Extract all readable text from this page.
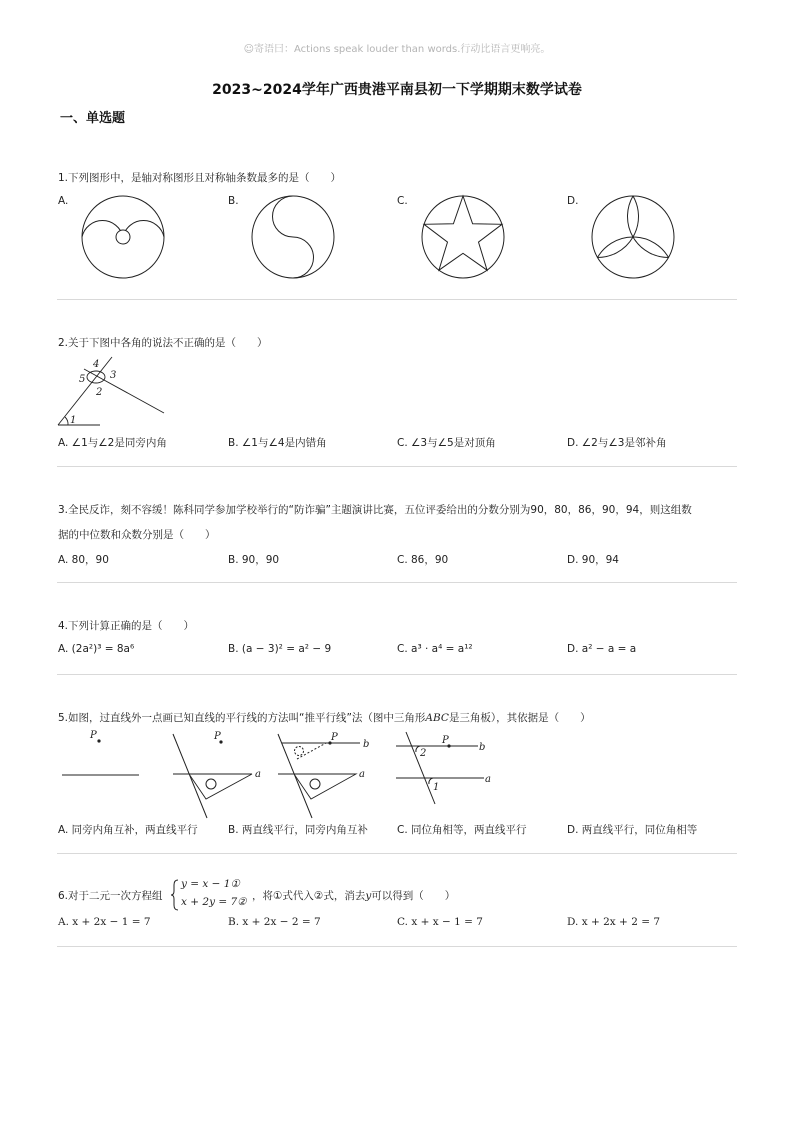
☺寄语曰：Actions speak louder than words.行动比语言更响亮。
2023~2024学年广西贵港平南县初一下学期期末数学试卷
一、单选题
1.下列图形中，是轴对称图形且对称轴条数最多的是（　　）
A.	B.	C.	D.
2.关于下图中各角的说法不正确的是（　　）
4
5 3
2
1
A. ∠1与∠2是同旁内角	B. ∠1与∠4是内错角	C. ∠3与∠5是对顶角	D. ∠2与∠3是邻补角
3.全民反诈，刻不容缓！陈科同学参加学校举行的“防诈骗”主题演讲比赛，五位评委给出的分数分别为90，80，86，90，94，则这组数
据的中位数和众数分别是（　　）
A. 80，90	B. 90，90	C. 86，90	D. 90，94
4.下列计算正确的是（　　）
A. (2a²)³ = 8a⁶	B. (a − 3)² = a² − 9	C. a³ · a⁴ = a¹²	D. a² − a = a
5.如图，过直线外一点画已知直线的平行线的方法叫“推平行线”法（图中三角形ABC是三角板），其依据是（　　）
P	P
a
P
b
a
P
2
1
b
a
A. 同旁内角互补，两直线平行	B. 两直线平行，同旁内角互补	C. 同位角相等，两直线平行	D. 两直线平行，同位角相等
6.对于二元一次方程组
y = x − 1①
x + 2y = 7② ，将①式代入②式，消去y可以得到（　　）
A. x + 2x − 1 = 7	B. x + 2x − 2 = 7	C. x + x − 1 = 7	D. x + 2x + 2 = 7
